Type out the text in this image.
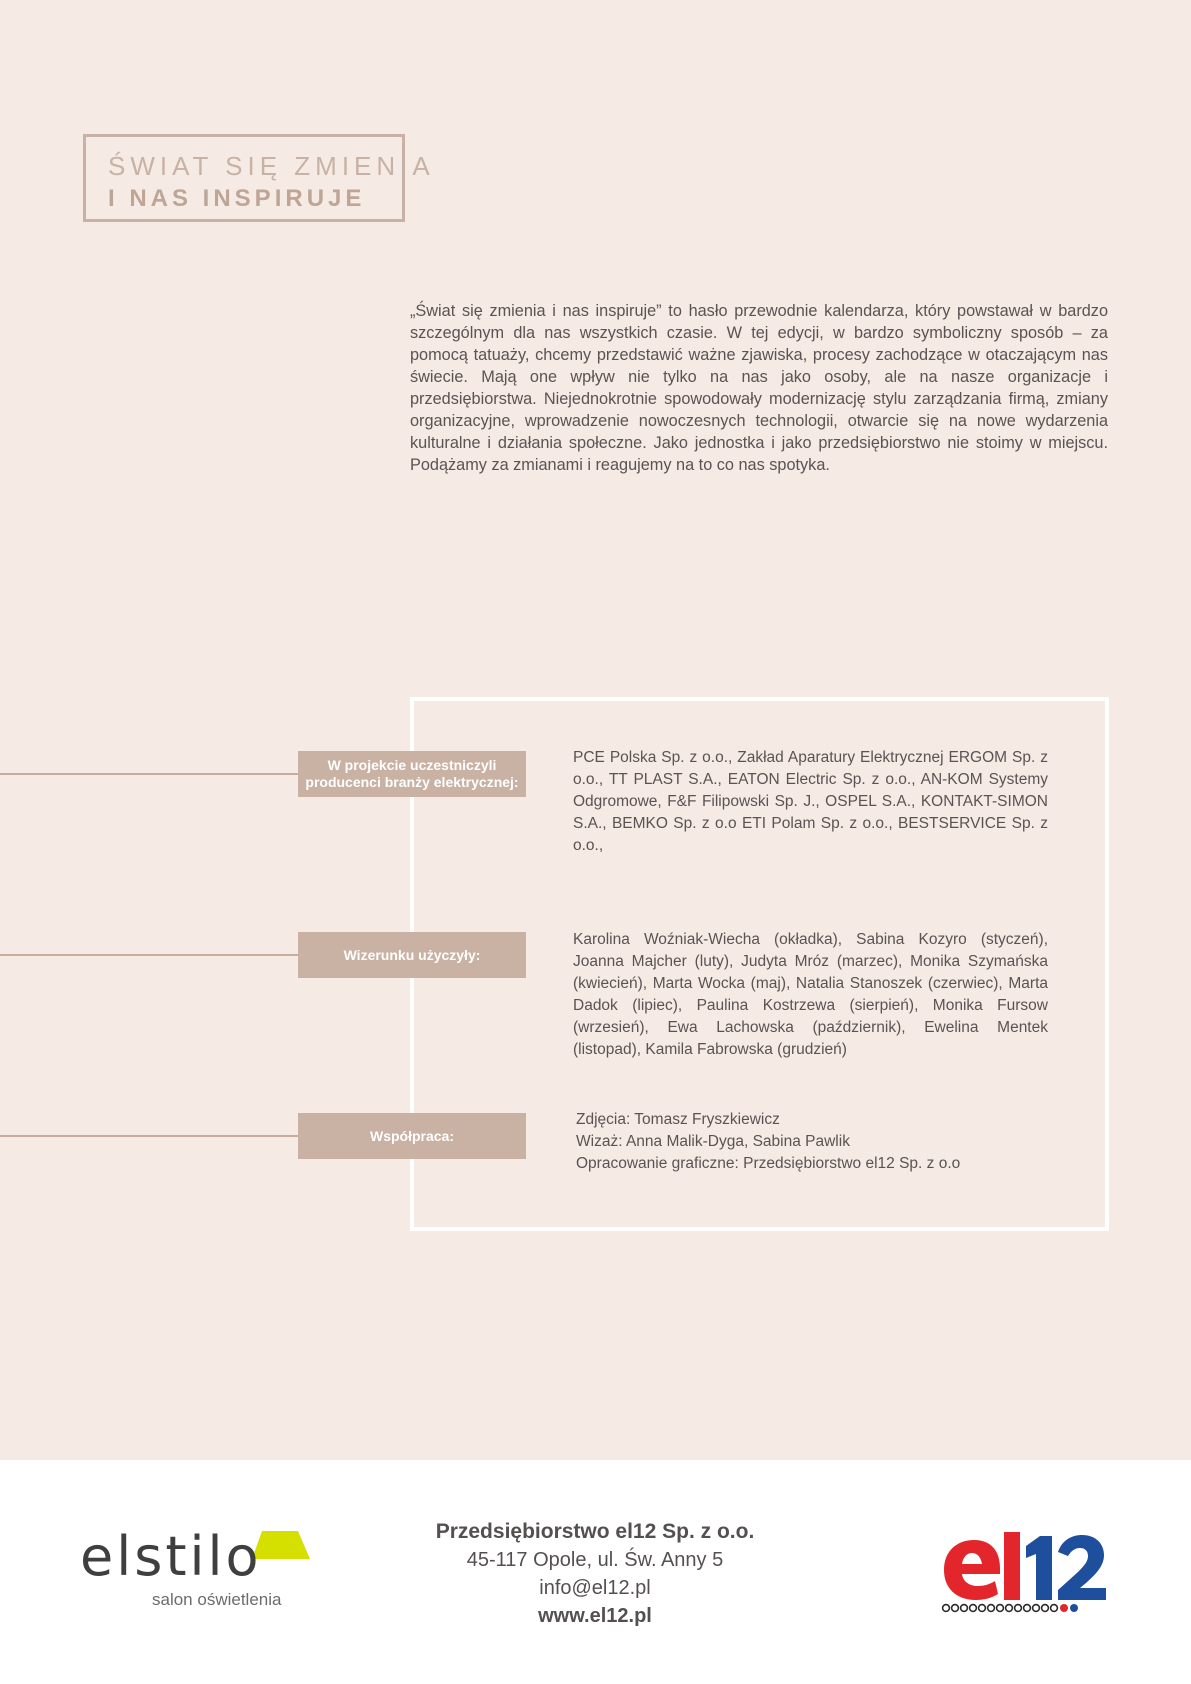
ŚWIAT SIĘ ZMIENIA
I NAS INSPIRUJE

„Świat się zmienia i nas inspiruje” to hasło przewodnie kalendarza, który powstawał w bardzo szczególnym dla nas wszystkich czasie. W tej edycji, w bardzo symboliczny sposób – za pomocą tatuaży, chcemy przedstawić ważne zjawiska, procesy zachodzące w otaczającym nas świecie. Mają one wpływ nie tylko na nas jako osoby, ale na nasze organizacje i przedsiębiorstwa. Niejednokrotnie spowodowały modernizację stylu zarządzania firmą, zmiany organizacyjne, wprowadzenie nowoczesnych technologii, otwarcie się na nowe wydarzenia kulturalne i działania społeczne. Jako jednostka i jako przedsiębiorstwo nie stoimy w miejscu. Podążamy za zmianami i reagujemy na to co nas spotyka.

W projekcie uczestniczyli producenci branży elektrycznej:
PCE Polska Sp. z o.o., Zakład Aparatury Elektrycznej ERGOM Sp. z o.o., TT PLAST S.A., EATON Electric Sp. z o.o., AN-KOM Systemy Odgromowe, F&F Filipowski Sp. J., OSPEL S.A., KONTAKT-SIMON S.A., BEMKO Sp. z o.o ETI Polam Sp. z o.o., BESTSERVICE Sp. z o.o.,
Wizerunku użyczyły:
Karolina Woźniak-Wiecha (okładka), Sabina Kozyro (styczeń), Joanna Majcher (luty), Judyta Mróz (marzec), Monika Szymańska (kwiecień), Marta Wocka (maj), Natalia Stanoszek (czerwiec), Marta Dadok (lipiec), Paulina Kostrzewa (sierpień), Monika Fursow (wrzesień), Ewa Lachowska (październik), Ewelina Mentek (listopad), Kamila Fabrowska (grudzień)
Współpraca:
Zdjęcia: Tomasz Fryszkiewicz
Wizaż: Anna Malik-Dyga, Sabina Pawlik
Opracowanie graficzne: Przedsiębiorstwo el12 Sp. z o.o
elstilo
salon oświetlenia
Przedsiębiorstwo el12 Sp. z o.o.
45-117 Opole, ul. Św. Anny 5
info@el12.pl
www.el12.pl
